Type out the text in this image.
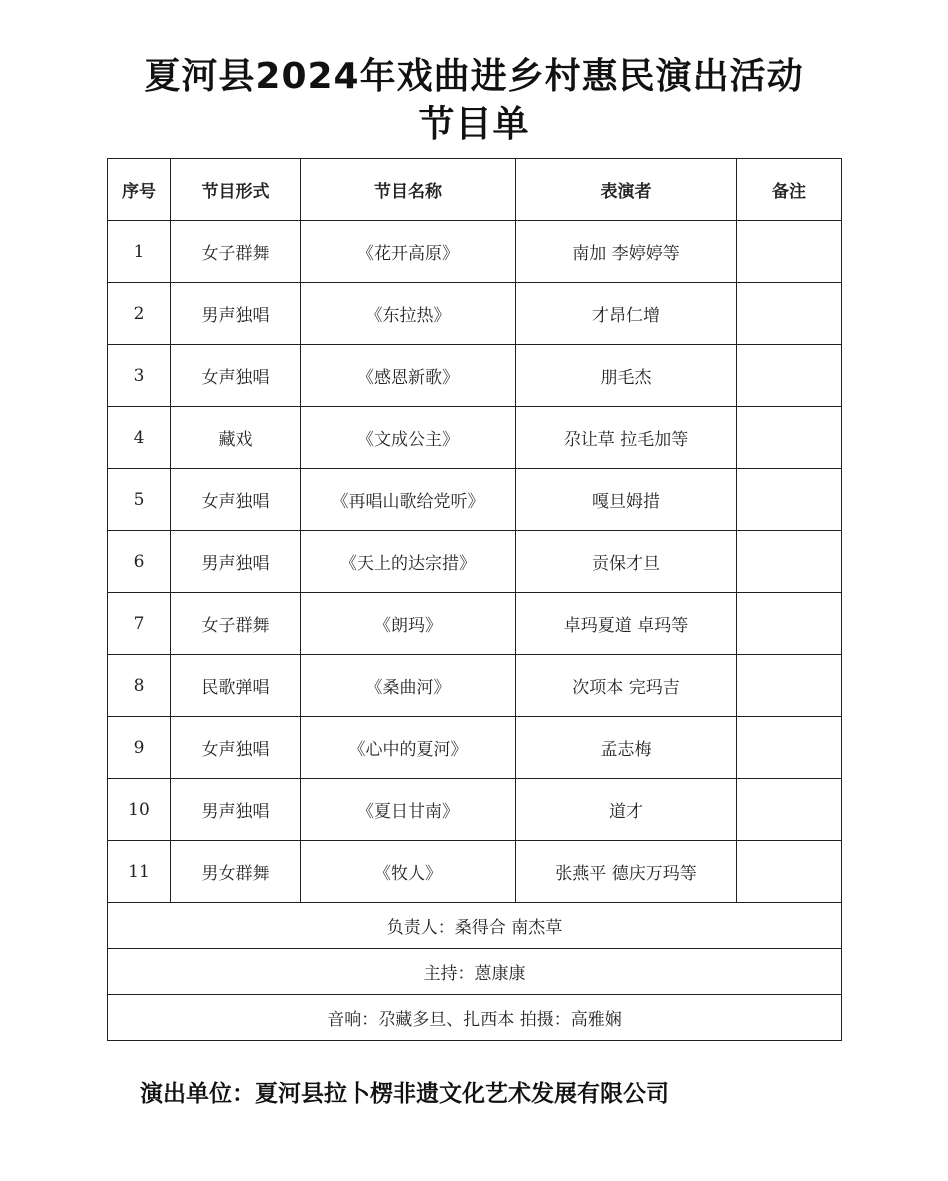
夏河县2024年戏曲进乡村惠民演出活动
节目单
序号	节目形式	节目名称	表演者	备注
1	女子群舞	《花开高原》	南加 李婷婷等	
2	男声独唱	《东拉热》	才昂仁增	
3	女声独唱	《感恩新歌》	朋毛杰	
4	藏戏	《文成公主》	尕让草 拉毛加等	
5	女声独唱	《再唱山歌给党听》	嘎旦姆措	
6	男声独唱	《天上的达宗措》	贡保才旦	
7	女子群舞	《朗玛》	卓玛夏道 卓玛等	
8	民歌弹唱	《桑曲河》	次项本 完玛吉	
9	女声独唱	《心中的夏河》	孟志梅	
10	男声独唱	《夏日甘南》	道才	
11	男女群舞	《牧人》	张燕平 德庆万玛等	
负责人：桑得合 南杰草				
主持：蒽康康				
音响：尕藏多旦、扎西本 拍摄：高雅娴				
演出单位：夏河县拉卜楞非遗文化艺术发展有限公司
